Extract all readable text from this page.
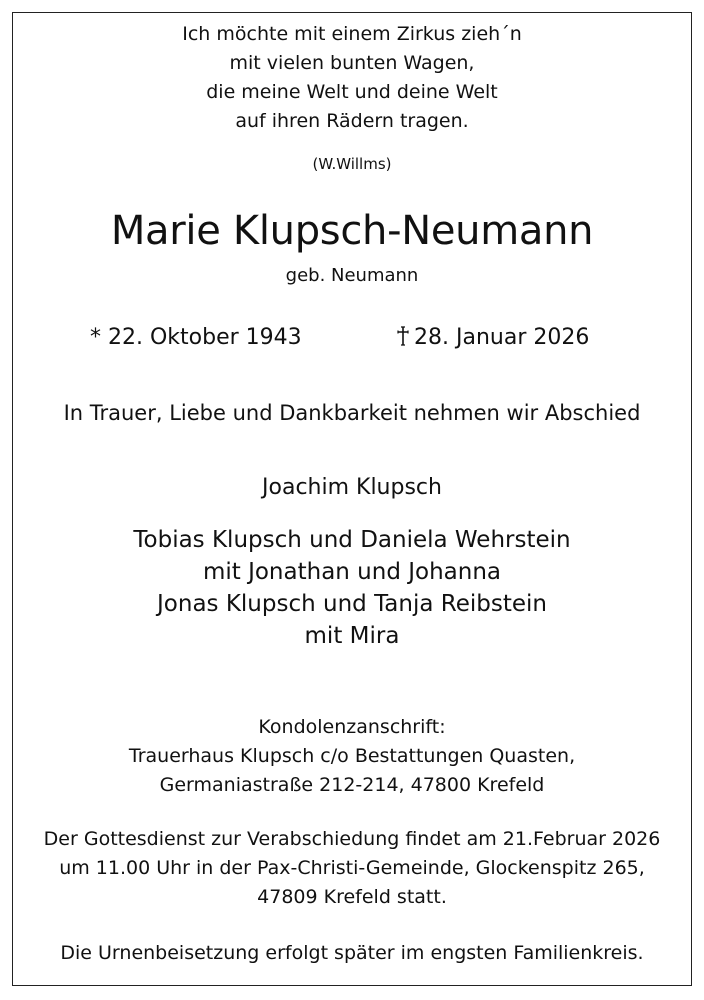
Ich möchte mit einem Zirkus zieh´n
mit vielen bunten Wagen,
die meine Welt und deine Welt
auf ihren Rädern tragen.
(W.Willms)
Marie Klupsch-Neumann
geb. Neumann
* 22. Oktober 1943	28. Januar 2026
In Trauer, Liebe und Dankbarkeit nehmen wir Abschied
Joachim Klupsch
Tobias Klupsch und Daniela Wehrstein
mit Jonathan und Johanna
Jonas Klupsch und Tanja Reibstein
mit Mira
Kondolenzanschrift:
Trauerhaus Klupsch c/o Bestattungen Quasten,
Germaniastraße 212-214, 47800 Krefeld
Der Gottesdienst zur Verabschiedung findet am 21.Februar 2026
um 11.00 Uhr in der Pax-Christi-Gemeinde, Glockenspitz 265,
47809 Krefeld statt.
Die Urnenbeisetzung erfolgt später im engsten Familienkreis.
